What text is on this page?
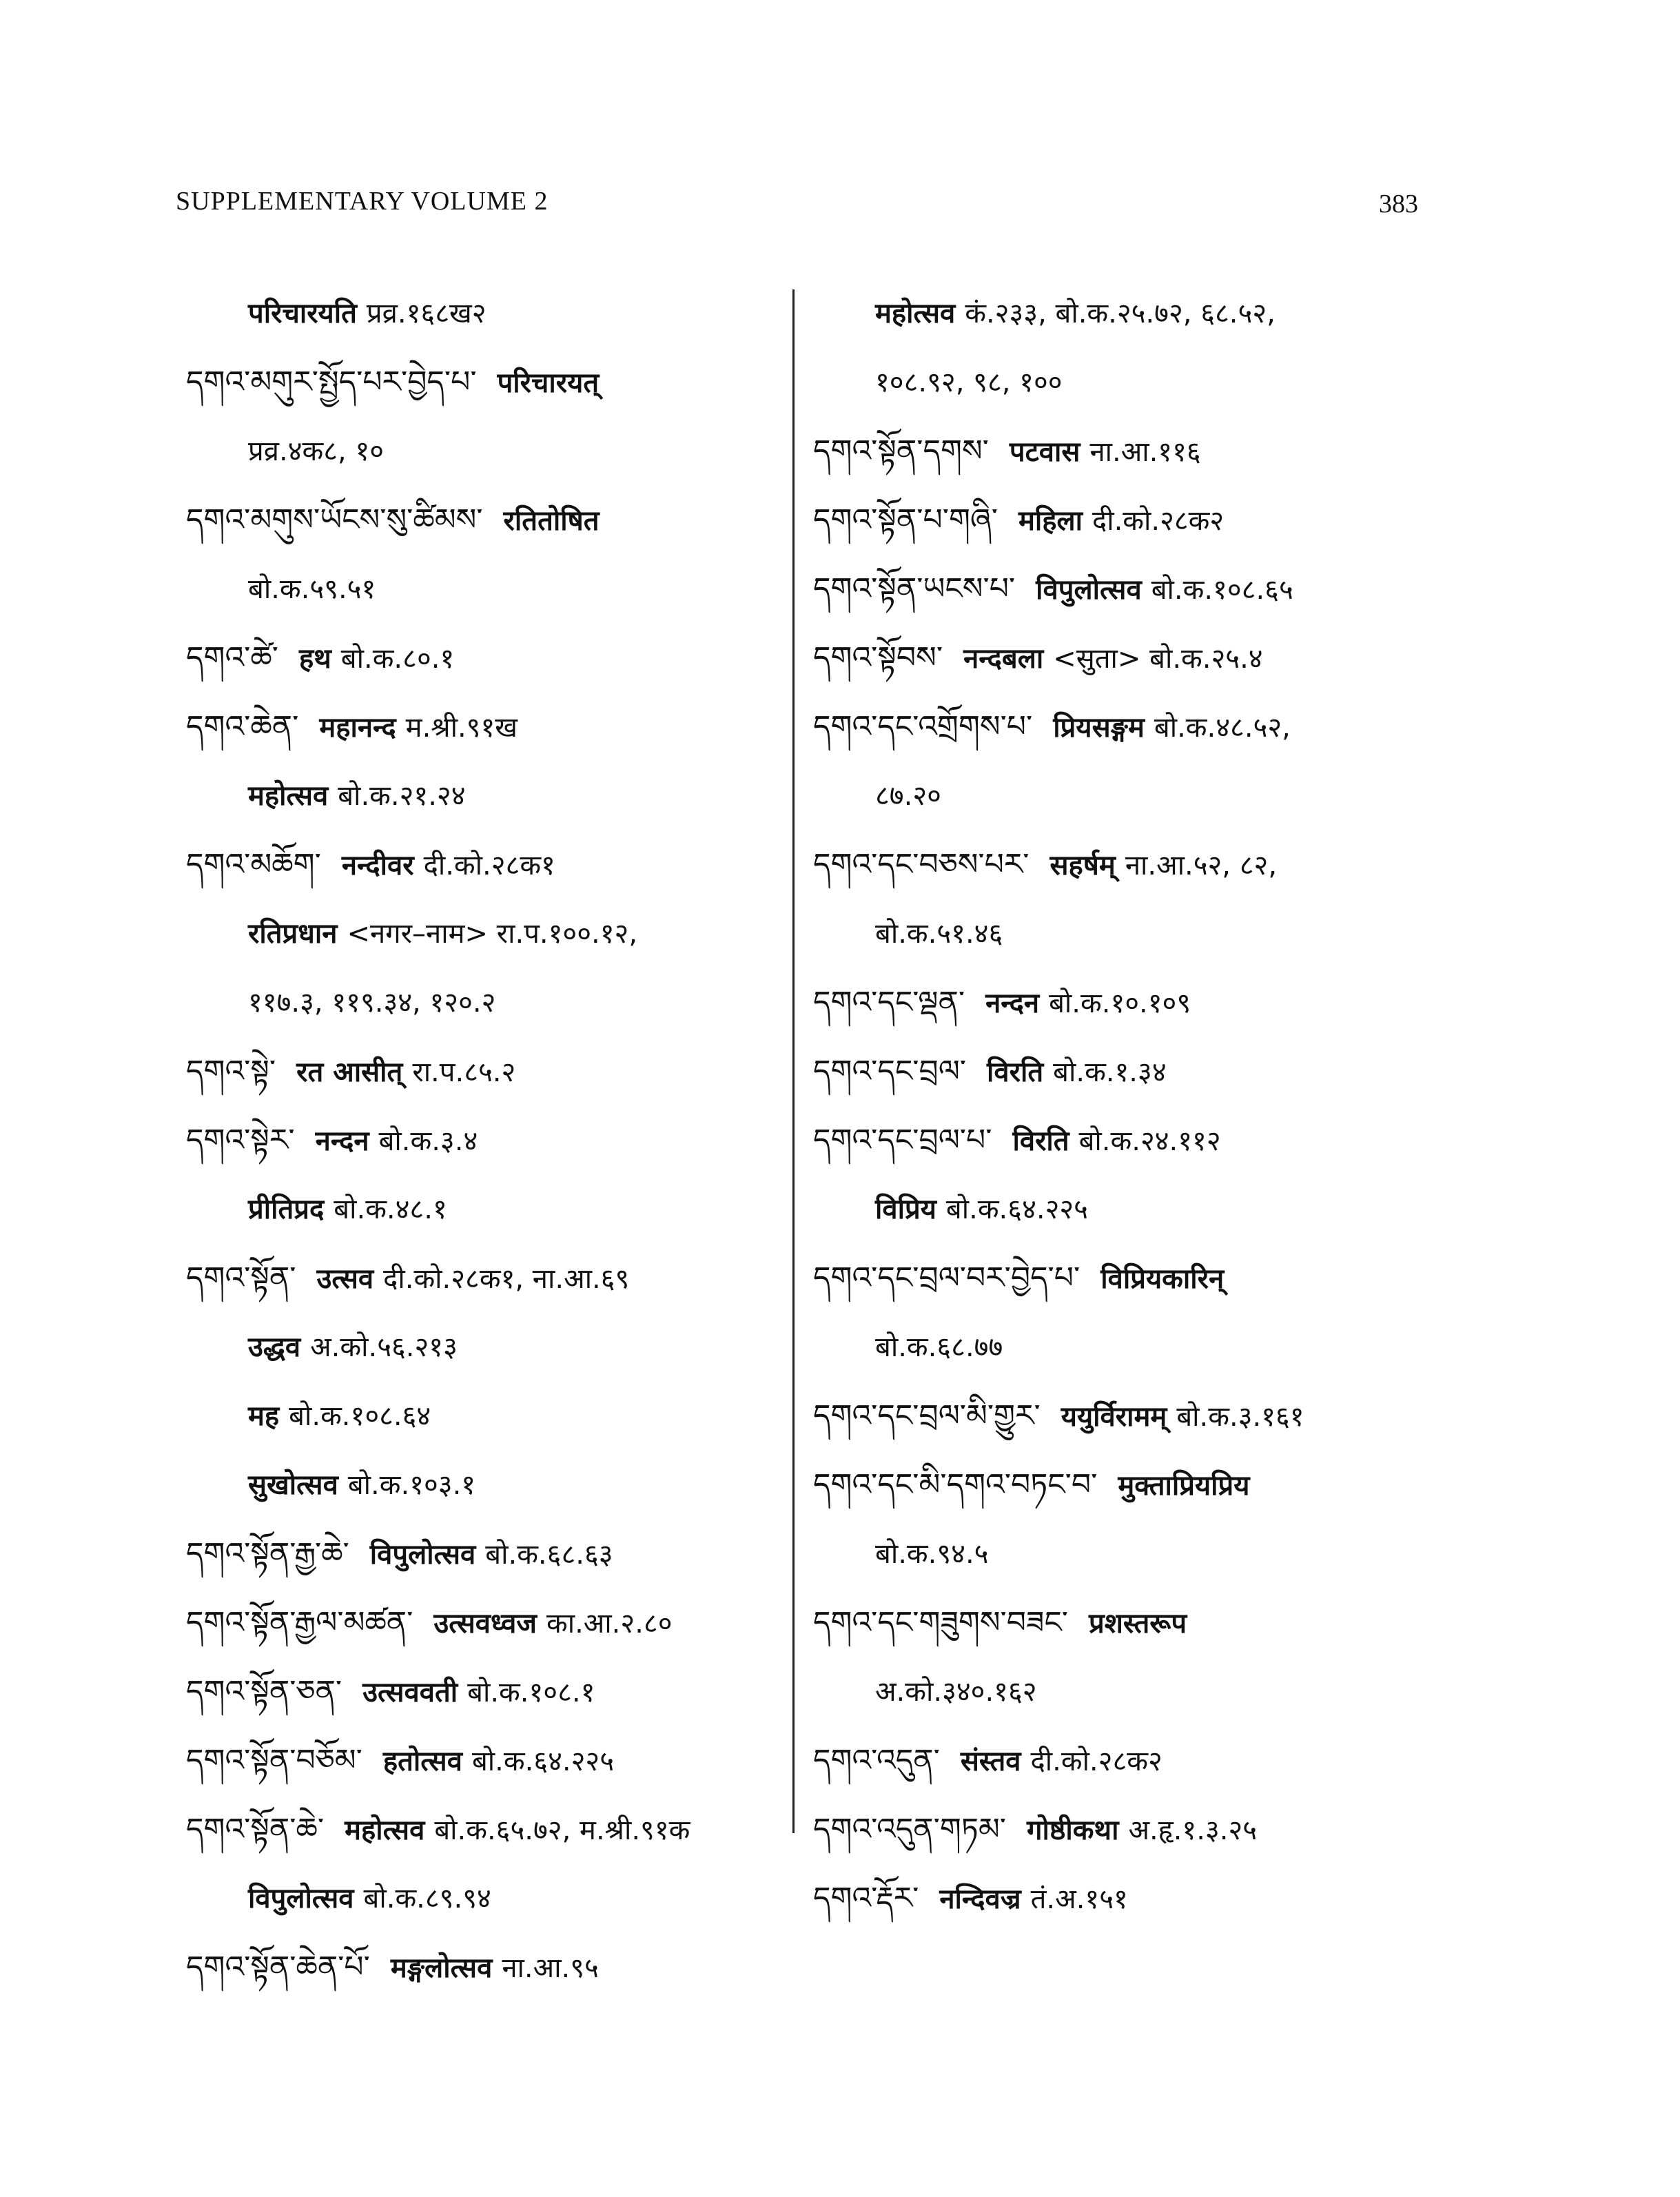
SUPPLEMENTARY VOLUME 2	383
परिचारयति प्रव्र.१६८ख२
དགའ་མགུར་སྤྱོད་པར་བྱེད་པ་ परिचारयत्
प्रव्र.४क८, १०
དགའ་མགུས་ཡོངས་སུ་ཚིམས་ रतितोषित
बो.क.५९.५१
དགའ་ཚེ་ हथ बो.क.८०.१
དགའ་ཆེན་ महानन्द म.श्री.९१ख
महोत्सव बो.क.२१.२४
དགའ་མཆོག་ नन्दीवर दी.को.२८क१
रतिप्रधान <नगर–नाम> रा.प.१००.१२,
११७.३, ११९.३४, १२०.२
དགའ་སྟེ་ रत आसीत् रा.प.८५.२
དགའ་སྟེར་ नन्दन बो.क.३.४
प्रीतिप्रद बो.क.४८.१
དགའ་སྟོན་ उत्सव दी.को.२८क१, ना.आ.६९
उद्धव अ.को.५६.२१३
मह बो.क.१०८.६४
सुखोत्सव बो.क.१०३.१
དགའ་སྟོན་རྒྱ་ཆེ་ विपुलोत्सव बो.क.६८.६३
དགའ་སྟོན་རྒྱལ་མཚན་ उत्सवध्वज का.आ.२.८०
དགའ་སྟོན་ཅན་ उत्सववती बो.क.१०८.१
དགའ་སྟོན་བཅོམ་ हतोत्सव बो.क.६४.२२५
དགའ་སྟོན་ཆེ་ महोत्सव बो.क.६५.७२, म.श्री.९१क
विपुलोत्सव बो.क.८९.९४
དགའ་སྟོན་ཆེན་པོ་ मङ्गलोत्सव ना.आ.९५
महोत्सव कं.२३३, बो.क.२५.७२, ६८.५२,
१०८.९२, ९८, १००
དགའ་སྟོན་དགས་ पटवास ना.आ.११६
དགའ་སྟོན་པ་གཞི་ महिला दी.को.२८क२
དགའ་སྟོན་ཡངས་པ་ विपुलोत्सव बो.क.१०८.६५
དགའ་སྟོབས་ नन्दबला <सुता> बो.क.२५.४
དགའ་དང་འགྲོགས་པ་ प्रियसङ्गम बो.क.४८.५२,
८७.२०
དགའ་དང་བཅས་པར་ सहर्षम् ना.आ.५२, ८२,
बो.क.५१.४६
དགའ་དང་ལྡན་ नन्दन बो.क.१०.१०९
དགའ་དང་བྲལ་ विरति बो.क.१.३४
དགའ་དང་བྲལ་པ་ विरति बो.क.२४.११२
विप्रिय बो.क.६४.२२५
དགའ་དང་བྲལ་བར་བྱེད་པ་ विप्रियकारिन्
बो.क.६८.७७
དགའ་དང་བྲལ་མི་གྱུར་ ययुर्विरामम् बो.क.३.१६१
དགའ་དང་མི་དགའ་བཏང་བ་ मुक्ताप्रियप्रिय
बो.क.९४.५
དགའ་དང་གཟུགས་བཟང་ प्रशस्तरूप
अ.को.३४०.१६२
དགའ་འདུན་ संस्तव दी.को.२८क२
དགའ་འདུན་གཏམ་ गोष्ठीकथा अ.हृ.१.३.२५
དགའ་རྡོར་ नन्दिवज्र तं.अ.१५१
